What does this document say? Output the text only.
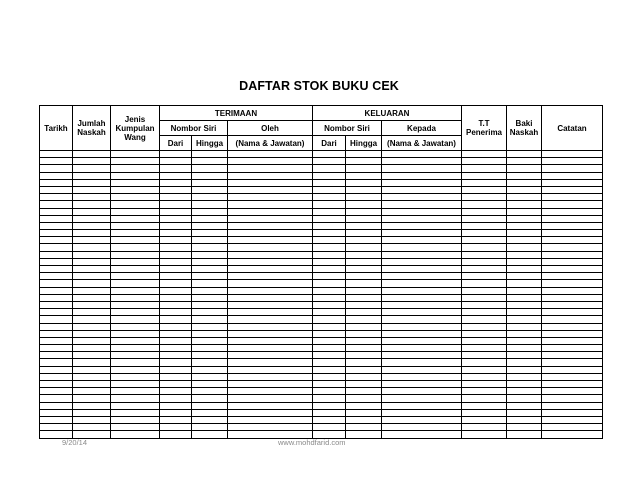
DAFTAR STOK BUKU CEK
Tarikh	Jumlah Naskah	Jenis Kumpulan Wang	TERIMAAN			KELUARAN			T.T Penerima	Baki Naskah	Catatan
			Nombor Siri		Oleh	Nombor Siri		Kepada			
			Dari	Hingga	(Nama & Jawatan)	Dari	Hingga	(Nama & Jawatan)			

9/20/14	www.mohdfarid.com
